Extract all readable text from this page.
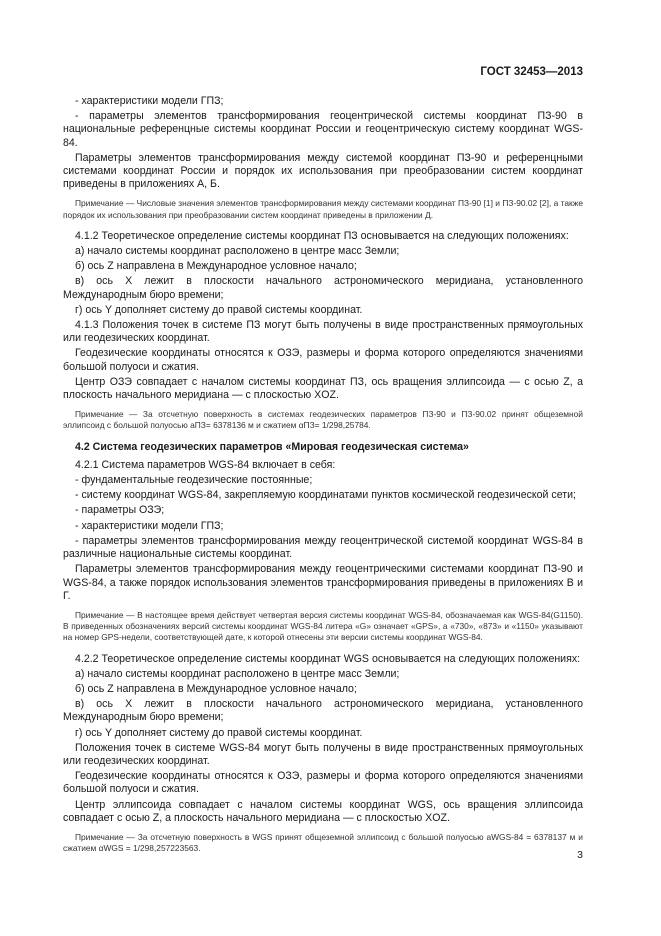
ГОСТ 32453—2013

- характеристики модели ГПЗ;

- параметры элементов трансформирования геоцентрической системы координат ПЗ-90 в национальные референцные системы координат России и геоцентрическую систему координат WGS-84.

Параметры элементов трансформирования между системой координат ПЗ-90 и референцными системами координат России и порядок их использования при преобразовании систем координат приведены в приложениях А, Б.

Примечание — Числовые значения элементов трансформирования между системами координат ПЗ-90 [1] и ПЗ-90.02 [2], а также порядок их использования при преобразовании систем координат приведены в приложении Д.

4.1.2 Теоретическое определение системы координат ПЗ основывается на следующих положениях:

а) начало системы координат расположено в центре масс Земли;

б) ось Z направлена в Международное условное начало;

в) ось X лежит в плоскости начального астрономического меридиана, установленного Международным бюро времени;

г) ось Y дополняет систему до правой системы координат.

4.1.3 Положения точек в системе ПЗ могут быть получены в виде пространственных прямоугольных или геодезических координат.

Геодезические координаты относятся к ОЗЭ, размеры и форма которого определяются значениями большой полуоси и сжатия.

Центр ОЗЭ совпадает с началом системы координат ПЗ, ось вращения эллипсоида — с осью Z, а плоскость начального меридиана — с плоскостью XOZ.

Примечание — За отсчетную поверхность в системах геодезических параметров ПЗ-90 и ПЗ-90.02 принят общеземной эллипсоид с большой полуосью aПЗ= 6378136 м и сжатием αПЗ= 1/298,25784.

4.2 Система геодезических параметров «Мировая геодезическая система»

4.2.1 Система параметров WGS-84 включает в себя:

- фундаментальные геодезические постоянные;

- систему координат WGS-84, закрепляемую координатами пунктов космической геодезической сети;

- параметры ОЗЭ;

- характеристики модели ГПЗ;

- параметры элементов трансформирования между геоцентрической системой координат WGS-84 в различные национальные системы координат.

Параметры элементов трансформирования между геоцентрическими системами координат ПЗ-90 и WGS-84, а также порядок использования элементов трансформирования приведены в приложениях В и Г.

Примечание — В настоящее время действует четвертая версия системы координат WGS-84, обозначаемая как WGS-84(G1150). В приведенных обозначениях версий системы координат WGS-84 литера «G» означает «GPS», а «730», «873» и «1150» указывают на номер GPS-недели, соответствующей дате, к которой отнесены эти версии системы координат WGS-84.

4.2.2 Теоретическое определение системы координат WGS основывается на следующих положениях:

а) начало системы координат расположено в центре масс Земли;

б) ось Z направлена в Международное условное начало;

в) ось X лежит в плоскости начального астрономического меридиана, установленного Международным бюро времени;

г) ось Y дополняет систему до правой системы координат.

Положения точек в системе WGS-84 могут быть получены в виде пространственных прямоугольных или геодезических координат.

Геодезические координаты относятся к ОЗЭ, размеры и форма которого определяются значениями большой полуоси и сжатия.

Центр эллипсоида совпадает с началом системы координат WGS, ось вращения эллипсоида совпадает с осью Z, а плоскость начального меридиана — с плоскостью XOZ.

Примечание — За отсчетную поверхность в WGS принят общеземной эллипсоид с большой полуосью aWGS-84 = 6378137 м и сжатием αWGS = 1/298,257223563.

3
